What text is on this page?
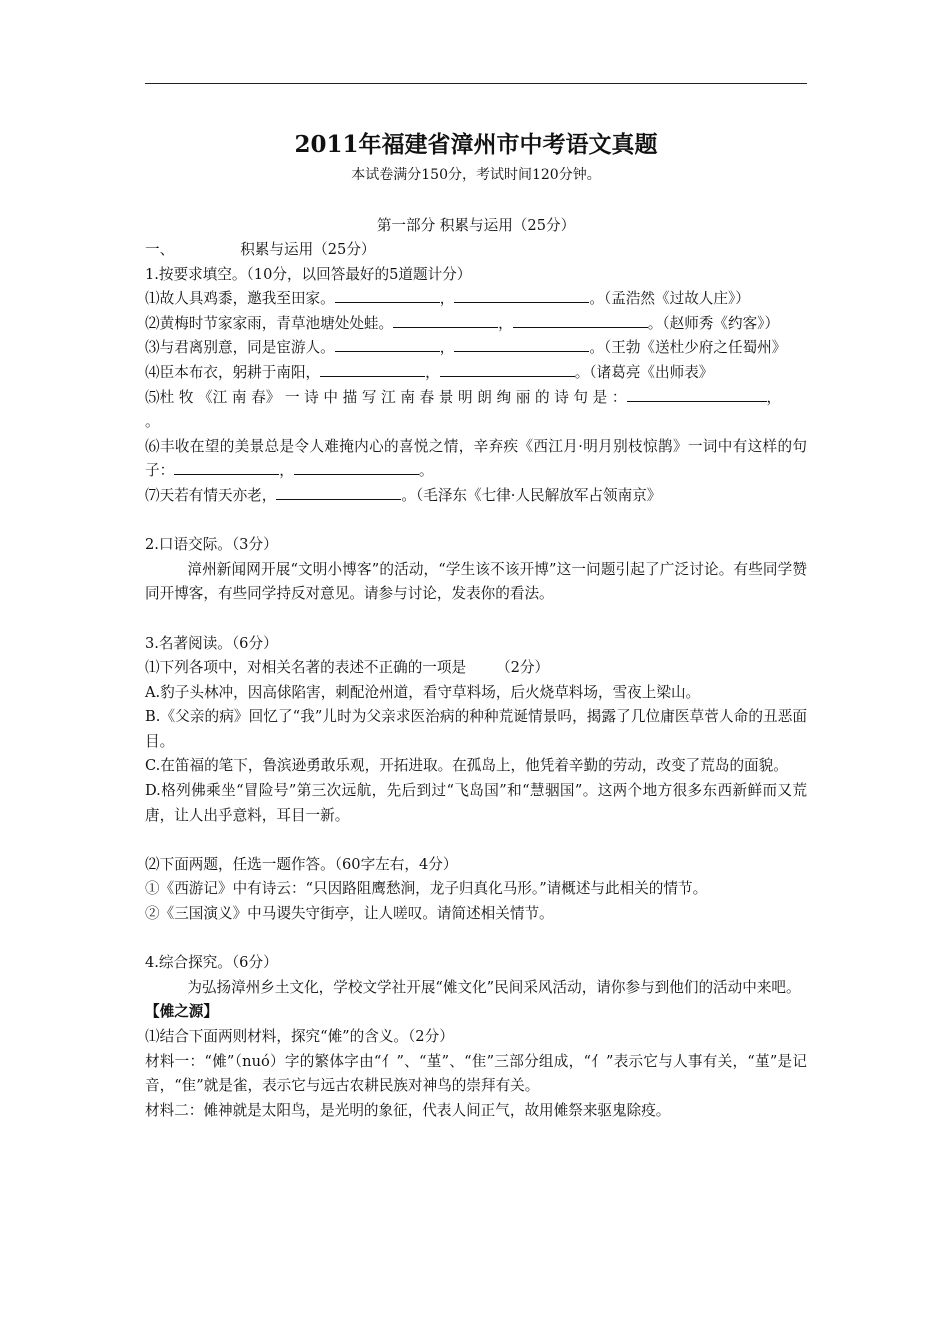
2011年福建省漳州市中考语文真题
本试卷满分150分，考试时间120分钟。
第一部分 积累与运用（25分）
一、	积累与运用（25分）
1.按要求填空。（10分，以回答最好的5道题计分）
⑴故人具鸡黍，邀我至田家。	，	。（孟浩然《过故人庄》）
⑵黄梅时节家家雨，青草池塘处处蛙。	，	。（赵师秀《约客》）
⑶与君离别意，同是宦游人。	，	。（王勃《送杜少府之任蜀州》
⑷臣本布衣，躬耕于南阳，	，	。（诸葛亮《出师表》
⑸杜 牧 《江 南 春》 一 诗 中 描 写 江 南 春 景 明 朗 绚 丽 的 诗 句 是 ：	，
。
⑹丰收在望的美景总是令人难掩内心的喜悦之情，辛弃疾《西江月·明月别枝惊鹊》一词中有这样的句子：	，	。
⑺天若有情天亦老，	。（毛泽东《七律·人民解放军占领南京》
2.口语交际。（3分）
漳州新闻网开展“文明小博客”的活动，“学生该不该开博”这一问题引起了广泛讨论。有些同学赞同开博客，有些同学持反对意见。请参与讨论，发表你的看法。
3.名著阅读。（6分）
⑴下列各项中，对相关名著的表述不正确的一项是 （2分）
A.豹子头林冲，因高俅陷害，刺配沧州道，看守草料场，后火烧草料场，雪夜上梁山。
B.《父亲的病》回忆了“我”儿时为父亲求医治病的种种荒诞情景吗，揭露了几位庸医草菅人命的丑恶面目。
C.在笛福的笔下，鲁滨逊勇敢乐观，开拓进取。在孤岛上，他凭着辛勤的劳动，改变了荒岛的面貌。
D.格列佛乘坐“冒险号”第三次远航，先后到过“飞岛国”和“慧骃国”。这两个地方很多东西新鲜而又荒唐，让人出乎意料，耳目一新。
⑵下面两题，任选一题作答。（60字左右，4分）
①《西游记》中有诗云：“只因路阻鹰愁涧，龙子归真化马形。”请概述与此相关的情节。
②《三国演义》中马谡失守街亭，让人嗟叹。请简述相关情节。
4.综合探究。（6分）
为弘扬漳州乡土文化，学校文学社开展“傩文化”民间采风活动，请你参与到他们的活动中来吧。
【傩之源】
⑴结合下面两则材料，探究“傩”的含义。（2分）
材料一：“傩”（nuó）字的繁体字由“亻”、“堇”、“隹”三部分组成，“亻”表示它与人事有关，“堇”是记音，“隹”就是雀，表示它与远古农耕民族对神鸟的崇拜有关。
材料二：傩神就是太阳鸟，是光明的象征，代表人间正气，故用傩祭来驱鬼除疫。
